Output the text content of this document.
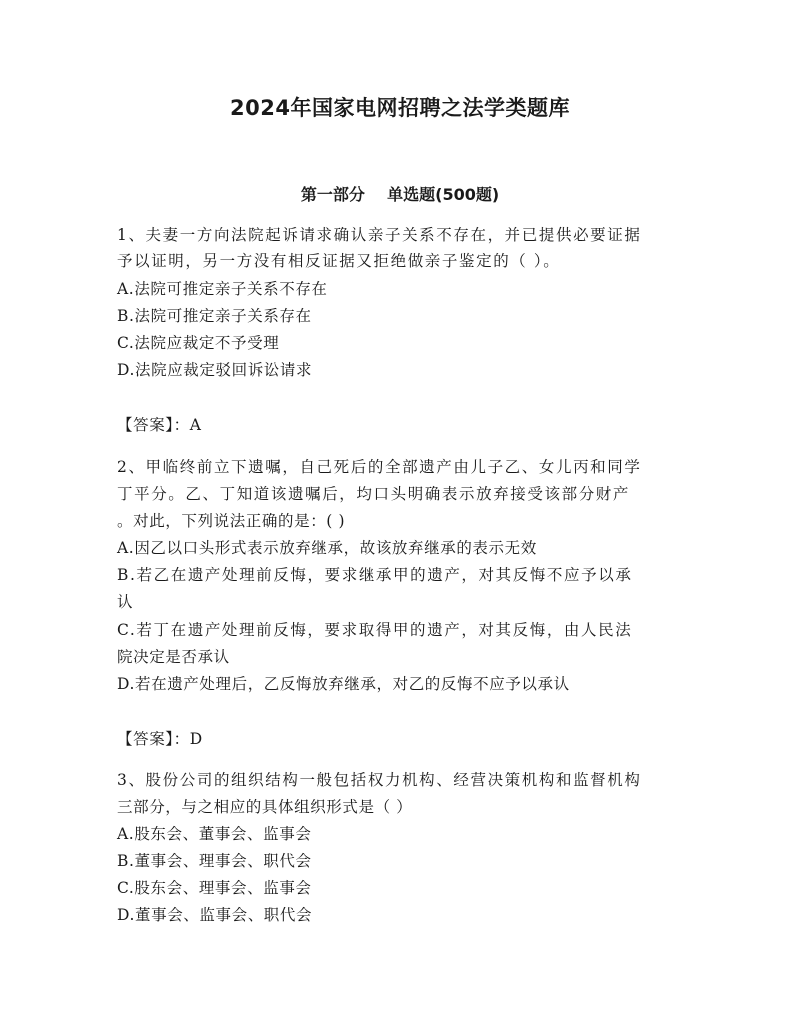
2024年国家电网招聘之法学类题库
第一部分    单选题(500题)
1、夫妻一方向法院起诉请求确认亲子关系不存在，并已提供必要证据
予以证明，另一方没有相反证据又拒绝做亲子鉴定的（ ）。
A.法院可推定亲子关系不存在
B.法院可推定亲子关系存在
C.法院应裁定不予受理
D.法院应裁定驳回诉讼请求
【答案】：A
2、甲临终前立下遗嘱，自己死后的全部遗产由儿子乙、女儿丙和同学
丁平分。乙、丁知道该遗嘱后，均口头明确表示放弃接受该部分财产
。对此，下列说法正确的是：( )
A.因乙以口头形式表示放弃继承，故该放弃继承的表示无效
B.若乙在遗产处理前反悔，要求继承甲的遗产，对其反悔不应予以承
认
C.若丁在遗产处理前反悔，要求取得甲的遗产，对其反悔，由人民法
院决定是否承认
D.若在遗产处理后，乙反悔放弃继承，对乙的反悔不应予以承认
【答案】：D
3、股份公司的组织结构一般包括权力机构、经营决策机构和监督机构
三部分，与之相应的具体组织形式是（ ）
A.股东会、董事会、监事会
B.董事会、理事会、职代会
C.股东会、理事会、监事会
D.董事会、监事会、职代会
